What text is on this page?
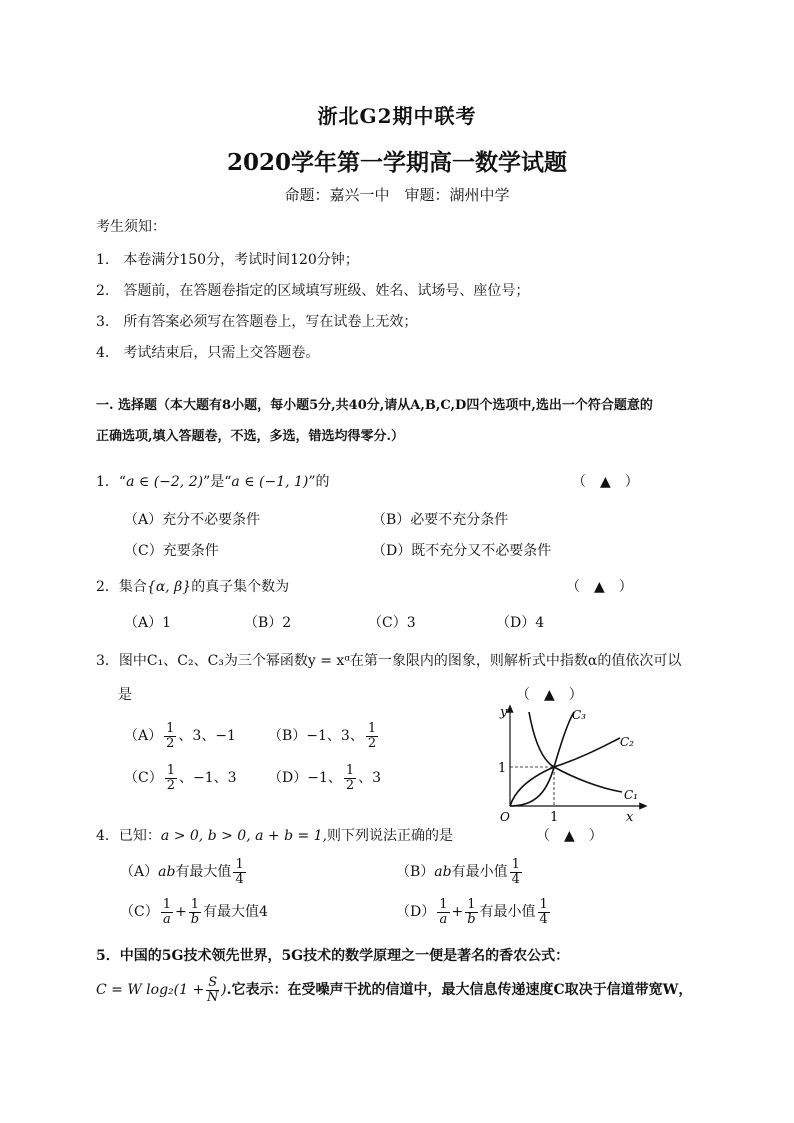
浙北G2期中联考
2020学年第一学期高一数学试题
命题：嘉兴一中　审题：湖州中学
考生须知：
1.　本卷满分150分，考试时间120分钟；
2.　答题前，在答题卷指定的区域填写班级、姓名、试场号、座位号；
3.　所有答案必须写在答题卷上，写在试卷上无效；
4.　考试结束后，只需上交答题卷。
一. 选择题（本大题有8小题，每小题5分,共40分,请从A,B,C,D四个选项中,选出一个符合题意的
正确选项,填入答题卷，不选，多选，错选均得零分.）
1．“a ∈ (−2, 2)”是“a ∈ (−1, 1)”的	（　▲　）
（A）充分不必要条件	（B）必要不充分条件
（C）充要条件	（D）既不充分又不必要条件
2．集合{α, β}的真子集个数为	（　▲　）
（A）1	（B）2	（C）3	（D）4
3．图中C₁、C₂、C₃为三个幂函数y = xᵅ在第一象限内的图象，则解析式中指数α的值依次可以
是	（　▲　）
$(A) \frac{1}{2}$ 、3、−1 （B）−1、3、 $\frac{1}{2}$
$(C) \frac{1}{2}$ 、−1、3 （D）−1、 $\frac{1}{2}$ 、3
y
x
O
1
1
C₃
C₂
C₁
4．已知：a > 0, b > 0, a + b = 1,则下列说法正确的是	（　▲　）
（A）ab有最大值 $\frac{1}{4}$	（B）ab有最小值 $\frac{1}{4}$
$(C) \frac{1}{a} + \frac{1}{b}$ 有最大值4	$(D) \frac{1}{a} + \frac{1}{b}$ 有最小值 $\frac{1}{4}$
5．中国的5G技术领先世界，5G技术的数学原理之一便是著名的香农公式：
C = W $\log_2(1 + \frac{S}{N}$ ).它表示：在受噪声干扰的信道中，最大信息传递速度C取决于信道带宽W，
